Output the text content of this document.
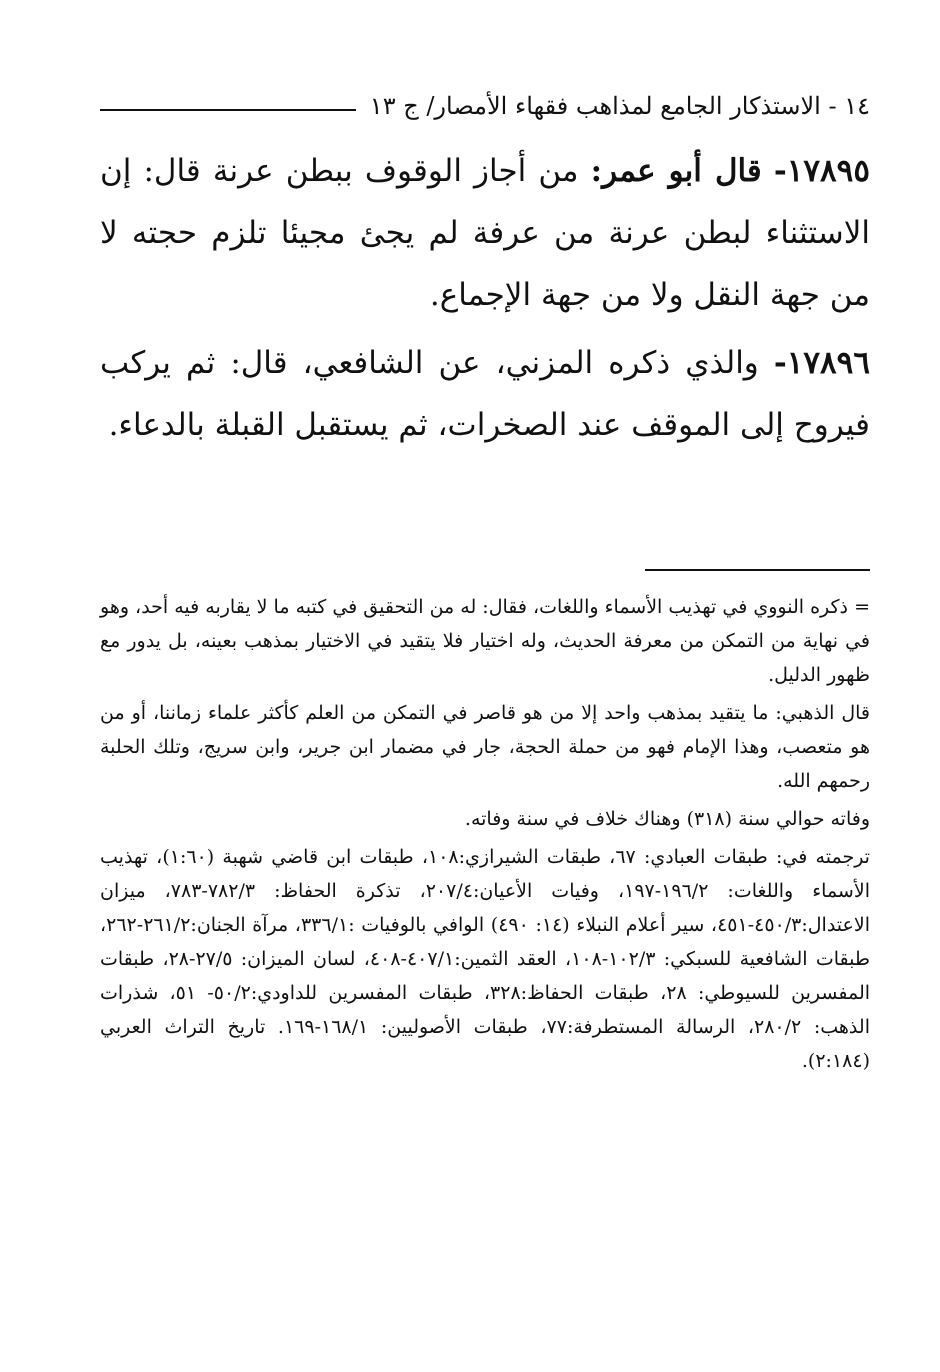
١٤ - الاستذكار الجامع لمذاهب فقهاء الأمصار/ ج ١٣

١٧٨٩٥- قال أبو عمر: من أجاز الوقوف ببطن عرنة قال: إن الاستثناء لبطن عرنة من عرفة لم يجئ مجيئا تلزم حجته لا من جهة النقل ولا من جهة الإجماع.

١٧٨٩٦- والذي ذكره المزني، عن الشافعي، قال: ثم يركب فيروح إلى الموقف عند الصخرات، ثم يستقبل القبلة بالدعاء.

= ذكره النووي في تهذيب الأسماء واللغات، فقال: له من التحقيق في كتبه ما لا يقاربه فيه أحد، وهو في نهاية من التمكن من معرفة الحديث، وله اختيار فلا يتقيد في الاختيار بمذهب بعينه، بل يدور مع ظهور الدليل.

قال الذهبي: ما يتقيد بمذهب واحد إلا من هو قاصر في التمكن من العلم كأكثر علماء زماننا، أو من هو متعصب، وهذا الإمام فهو من حملة الحجة، جار في مضمار ابن جرير، وابن سريج، وتلك الحلبة رحمهم الله.

وفاته حوالي سنة (٣١٨) وهناك خلاف في سنة وفاته.

ترجمته في: طبقات العبادي: ٦٧، طبقات الشيرازي:١٠٨، طبقات ابن قاضي شهبة (١:٦٠)، تهذيب الأسماء واللغات: ١٩٦/٢-١٩٧، وفيات الأعيان:٢٠٧/٤، تذكرة الحفاظ: ٧٨٢/٣-٧٨٣، ميزان الاعتدال:٤٥٠/٣-٤٥١، سير أعلام النبلاء (١٤: ٤٩٠) الوافي بالوفيات :٣٣٦/١، مرآة الجنان:٢٦١/٢-٢٦٢، طبقات الشافعية للسبكي: ١٠٢/٣-١٠٨، العقد الثمين:٤٠٧/١-٤٠٨، لسان الميزان: ٢٧/٥-٢٨، طبقات المفسرين للسيوطي: ٢٨، طبقات الحفاظ:٣٢٨، طبقات المفسرين للداودي:٥٠/٢- ٥١، شذرات الذهب: ٢٨٠/٢، الرسالة المستطرفة:٧٧، طبقات الأصوليين: ١٦٨/١-١٦٩. تاريخ التراث العربي (٢:١٨٤).
